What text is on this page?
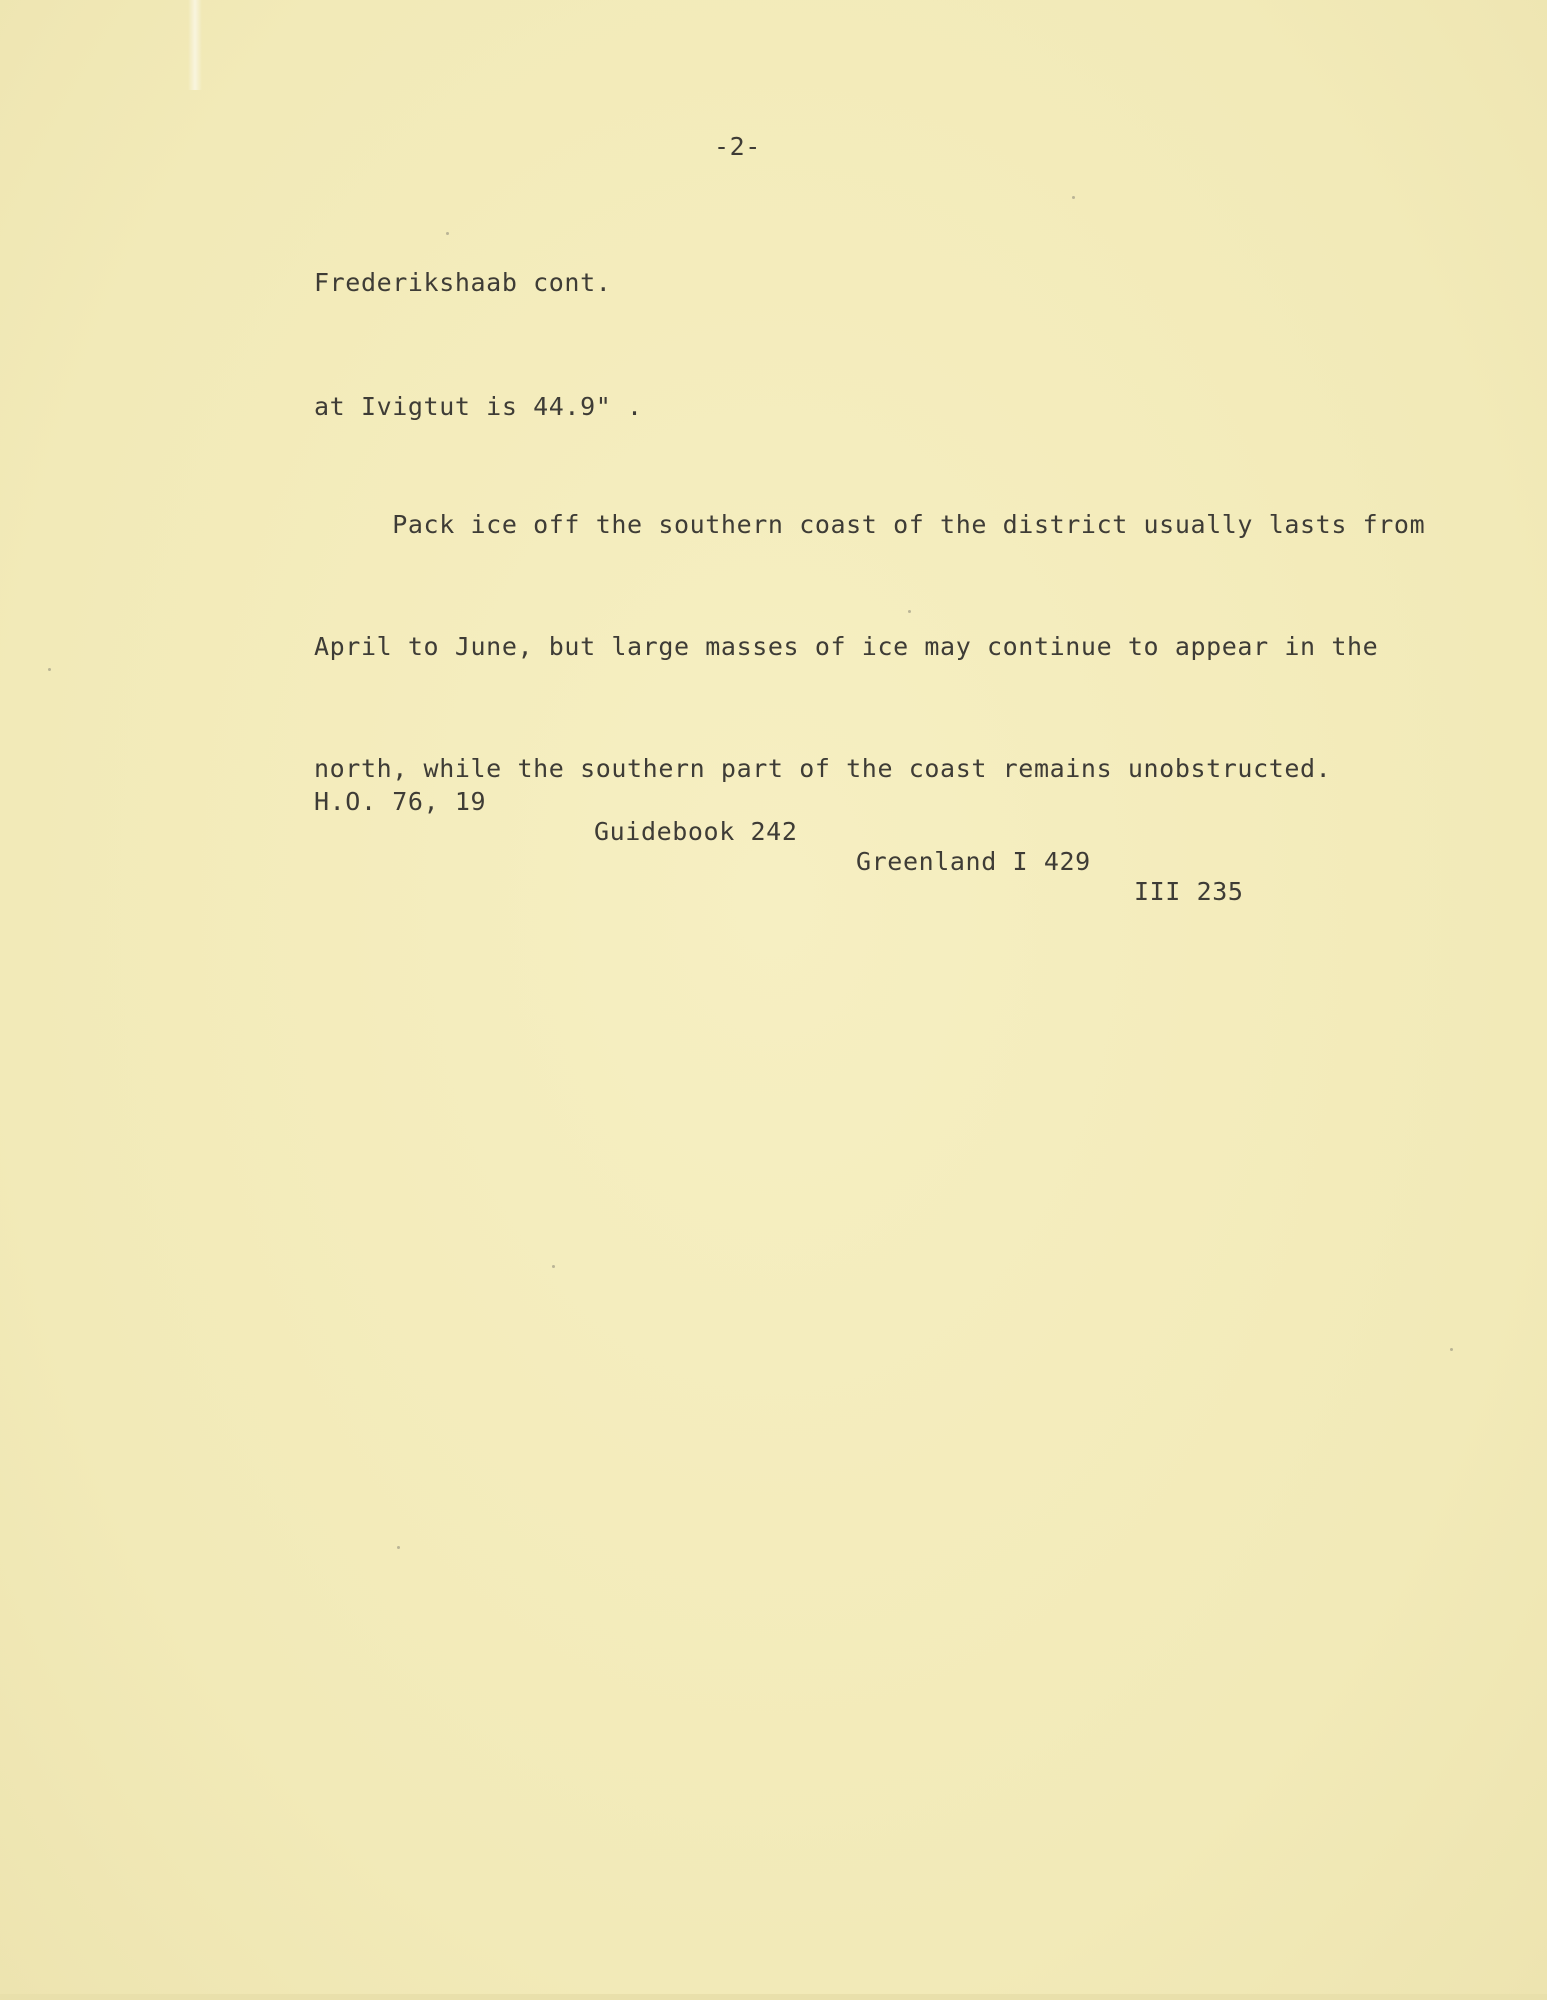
-2-
Frederikshaab cont.
at Ivigtut is 44.9" .

Pack ice off the southern coast of the district usually lasts from

April to June, but large masses of ice may continue to appear in the

north, while the southern part of the coast remains unobstructed.

H.O. 76, 19

Guidebook 242

Greenland I 429

III 235
